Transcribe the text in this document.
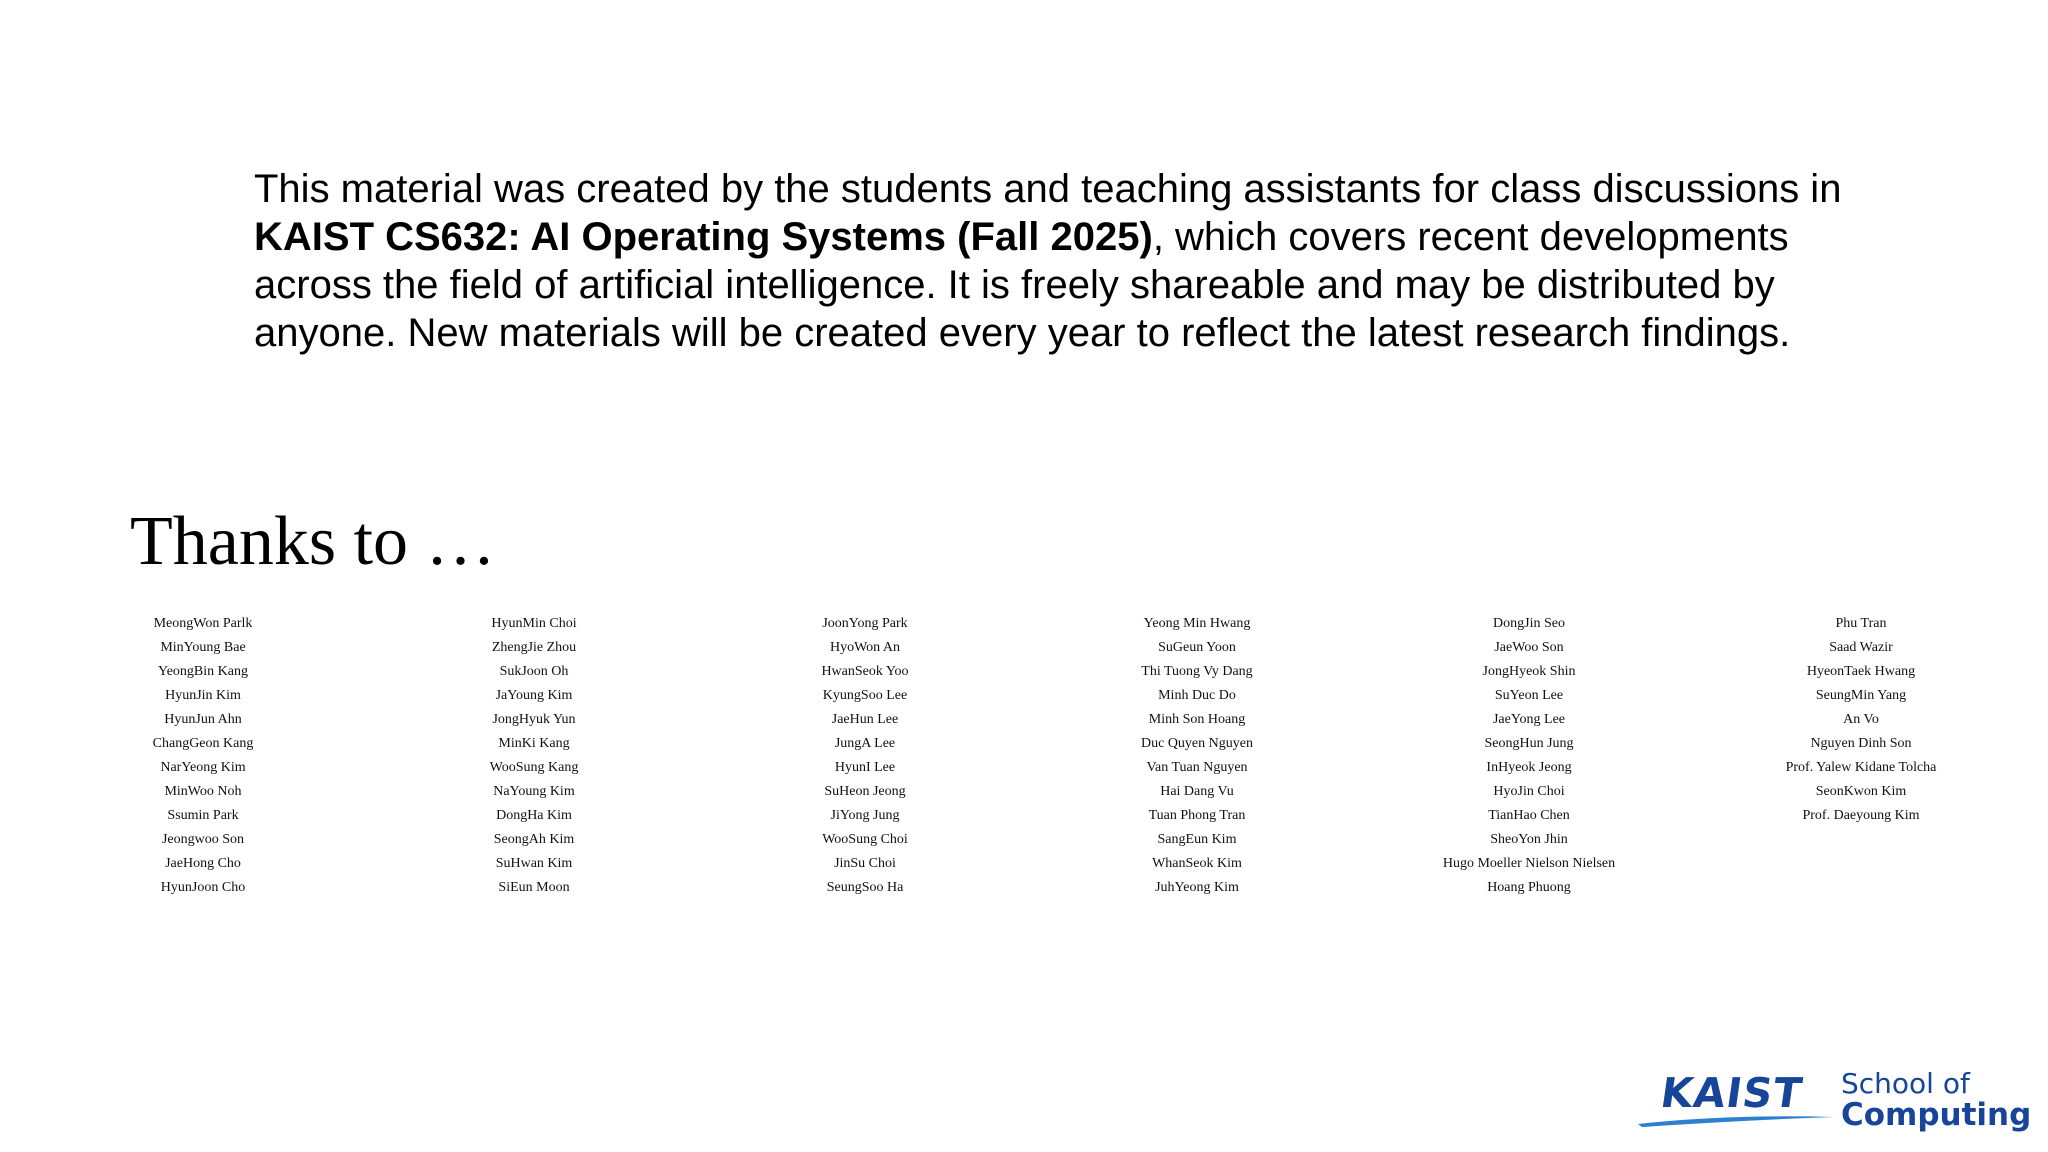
This material was created by the students and teaching assistants for class discussions in KAIST CS632: AI Operating Systems (Fall 2025), which covers recent developments across the field of artificial intelligence. It is freely shareable and may be distributed by anyone. New materials will be created every year to reflect the latest research findings.

Thanks to …
MeongWon Parlk
MinYoung Bae
YeongBin Kang
HyunJin Kim
HyunJun Ahn
ChangGeon Kang
NarYeong Kim
MinWoo Noh
Ssumin Park
Jeongwoo Son
JaeHong Cho
HyunJoon Cho
HyunMin Choi
ZhengJie Zhou
SukJoon Oh
JaYoung Kim
JongHyuk Yun
MinKi Kang
WooSung Kang
NaYoung Kim
DongHa Kim
SeongAh Kim
SuHwan Kim
SiEun Moon
JoonYong Park
HyoWon An
HwanSeok Yoo
KyungSoo Lee
JaeHun Lee
JungA Lee
HyunI Lee
SuHeon Jeong
JiYong Jung
WooSung Choi
JinSu Choi
SeungSoo Ha
Yeong Min Hwang
SuGeun Yoon
Thi Tuong Vy Dang
Minh Duc Do
Minh Son Hoang
Duc Quyen Nguyen
Van Tuan Nguyen
Hai Dang Vu
Tuan Phong Tran
SangEun Kim
WhanSeok Kim
JuhYeong Kim
DongJin Seo
JaeWoo Son
JongHyeok Shin
SuYeon Lee
JaeYong Lee
SeongHun Jung
InHyeok Jeong
HyoJin Choi
TianHao Chen
SheoYon Jhin
Hugo Moeller Nielson Nielsen
Hoang Phuong
Phu Tran
Saad Wazir
HyeonTaek Hwang
SeungMin Yang
An Vo
Nguyen Dinh Son
Prof. Yalew Kidane Tolcha
SeonKwon Kim
Prof. Daeyoung Kim
KAIST School of
Computing
